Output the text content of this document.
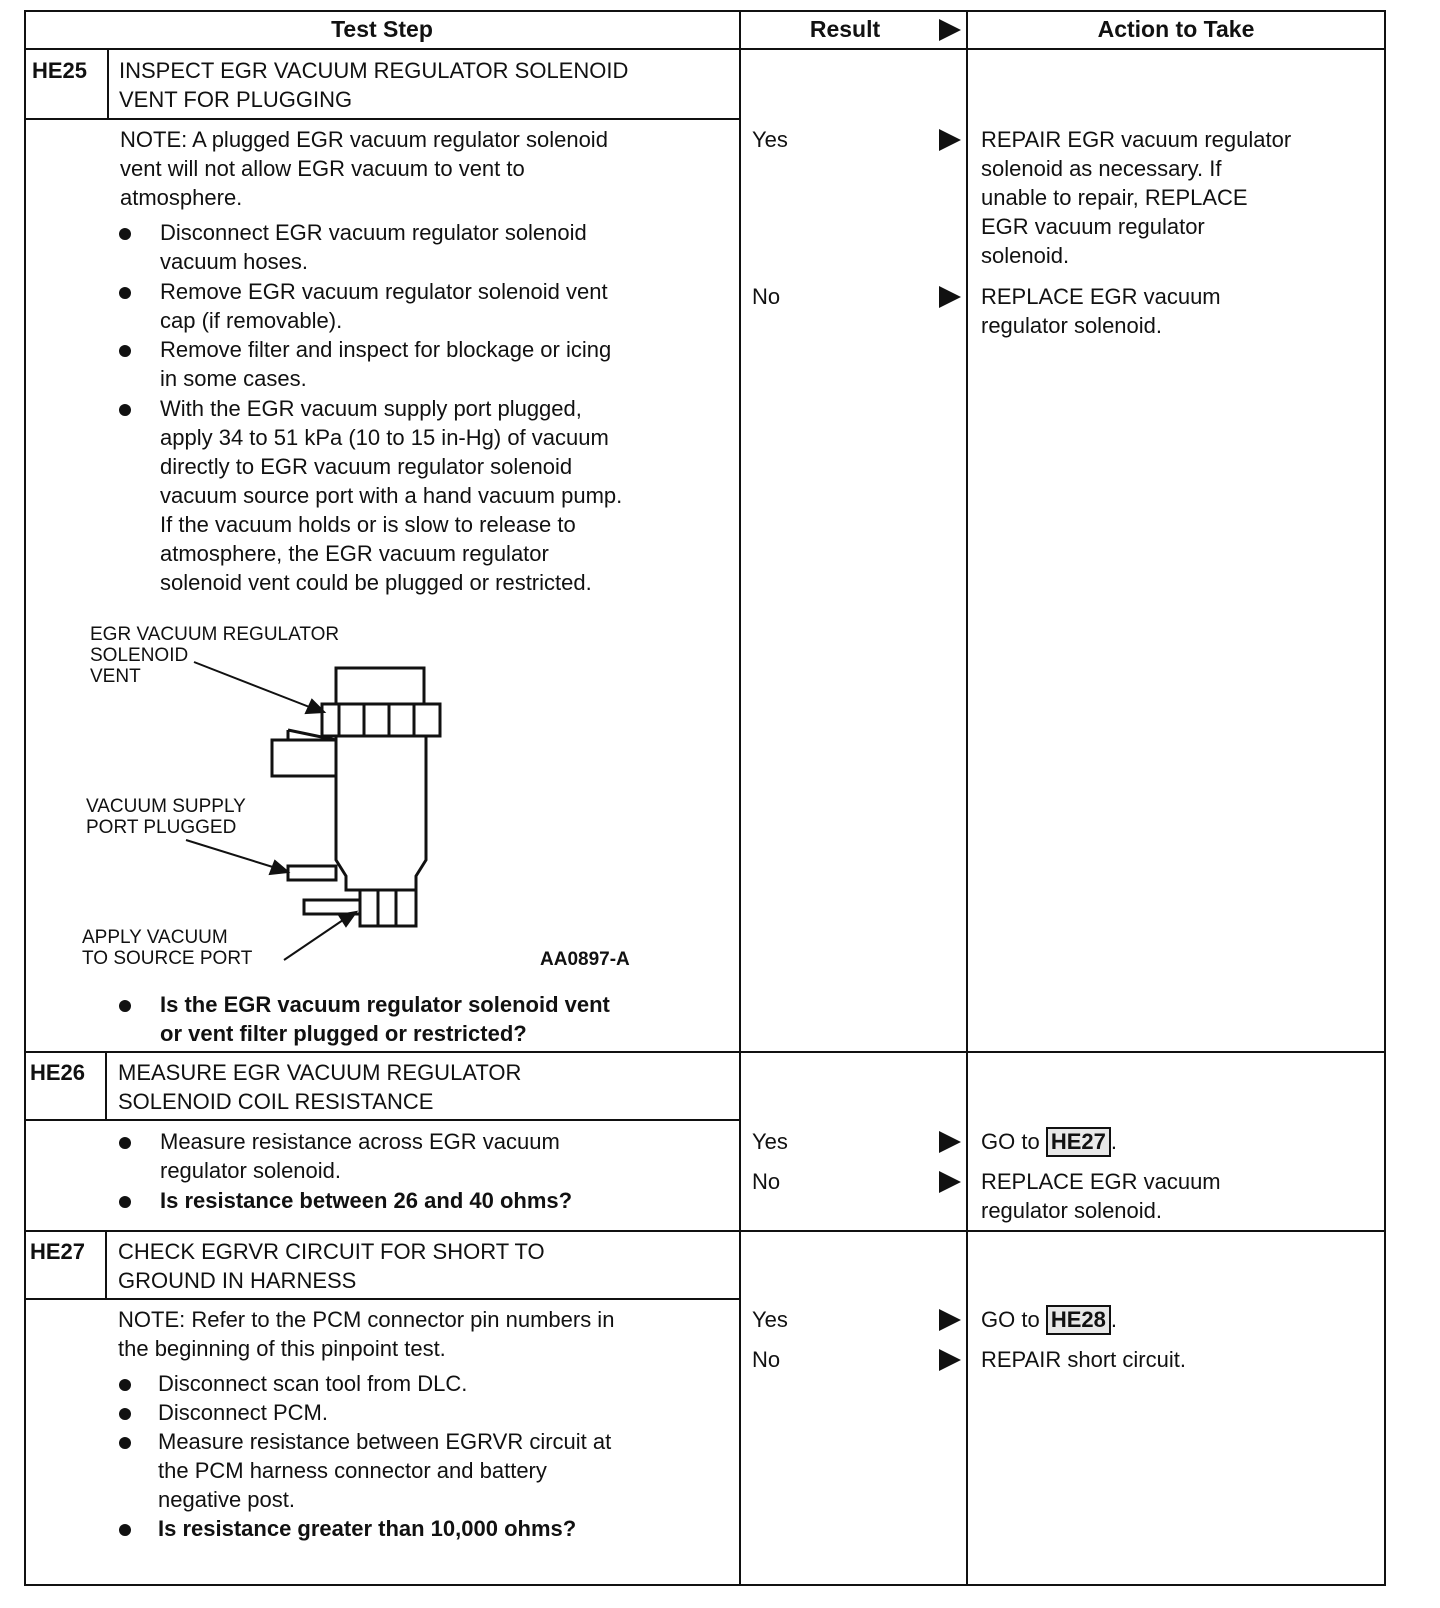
Test Step	Result	Action to Take
HE25 INSPECT EGR VACUUM REGULATOR SOLENOID
VENT FOR PLUGGING
NOTE: A plugged EGR vacuum regulator solenoid
vent will not allow EGR vacuum to vent to
atmosphere.
Disconnect EGR vacuum regulator solenoid
vacuum hoses.
Remove EGR vacuum regulator solenoid vent
cap (if removable).
Remove filter and inspect for blockage or icing
in some cases.
With the EGR vacuum supply port plugged,
apply 34 to 51 kPa (10 to 15 in-Hg) of vacuum
directly to EGR vacuum regulator solenoid
vacuum source port with a hand vacuum pump.
If the vacuum holds or is slow to release to
atmosphere, the EGR vacuum regulator
solenoid vent could be plugged or restricted.
EGR VACUUM REGULATOR
SOLENOID
VENT
VACUUM SUPPLY
PORT PLUGGED
APPLY VACUUM
TO SOURCE PORT	AA0897-A
Is the EGR vacuum regulator solenoid vent
or vent filter plugged or restricted?
Yes	REPAIR EGR vacuum regulator
solenoid as necessary. If
unable to repair, REPLACE
EGR vacuum regulator
solenoid.
No	REPLACE EGR vacuum
regulator solenoid.
HE26 MEASURE EGR VACUUM REGULATOR
SOLENOID COIL RESISTANCE
Measure resistance across EGR vacuum
regulator solenoid.
Is resistance between 26 and 40 ohms?
Yes	GO to HE27 .
No	REPLACE EGR vacuum
regulator solenoid.
HE27 CHECK EGRVR CIRCUIT FOR SHORT TO
GROUND IN HARNESS
NOTE: Refer to the PCM connector pin numbers in
the beginning of this pinpoint test.
Disconnect scan tool from DLC.
Disconnect PCM.
Measure resistance between EGRVR circuit at
the PCM harness connector and battery
negative post.
Is resistance greater than 10,000 ohms?
Yes	GO to HE28 .
No	REPAIR short circuit.
